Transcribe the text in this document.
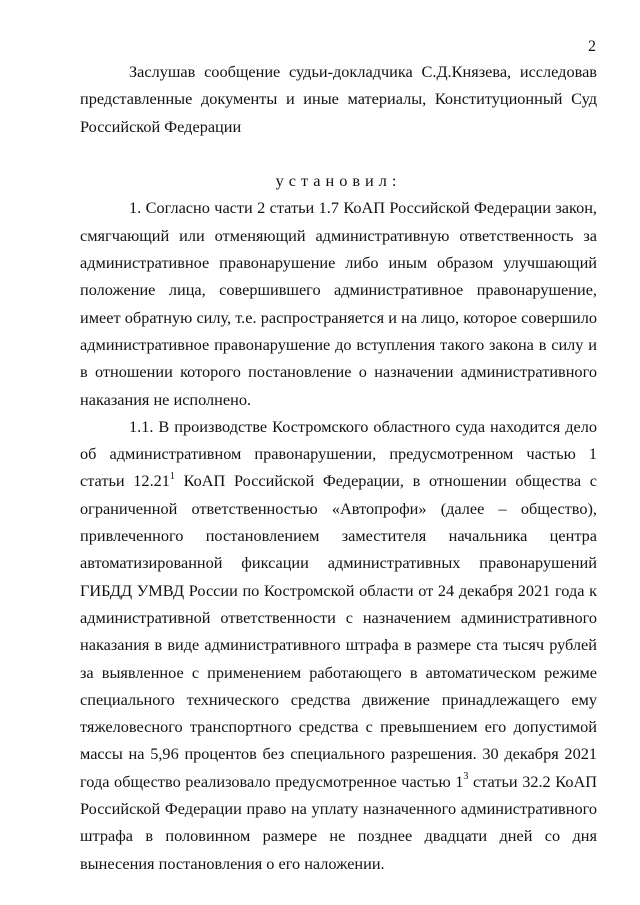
2

Заслушав сообщение судьи-докладчика С.Д.Князева, исследовав представленные документы и иные материалы, Конституционный Суд Российской Федерации

установил:

1. Согласно части 2 статьи 1.7 КоАП Российской Федерации закон, смягчающий или отменяющий административную ответственность за административное правонарушение либо иным образом улучшающий положение лица, совершившего административное правонарушение, имеет обратную силу, т.е. распространяется и на лицо, которое совершило административное правонарушение до вступления такого закона в силу и в отношении которого постановление о назначении административного наказания не исполнено.

1.1. В производстве Костромского областного суда находится дело об административном правонарушении, предусмотренном частью 1 статьи 12.21$^1$ КоАП Российской Федерации, в отношении общества с ограниченной ответственностью «Автопрофи» (далее – общество), привлеченного постановлением заместителя начальника центра автоматизированной фиксации административных правонарушений ГИБДД УМВД России по Костромской области от 24 декабря 2021 года к административной ответственности с назначением административного наказания в виде административного штрафа в размере ста тысяч рублей за выявленное с применением работающего в автоматическом режиме специального технического средства движение принадлежащего ему тяжеловесного транспортного средства с превышением его допустимой массы на 5,96 процентов без специального разрешения. 30 декабря 2021 года общество реализовало предусмотренное частью $1^3$ статьи 32.2 КоАП Российской Федерации право на уплату назначенного административного штрафа в половинном размере не позднее двадцати дней со дня вынесения постановления о его наложении.
